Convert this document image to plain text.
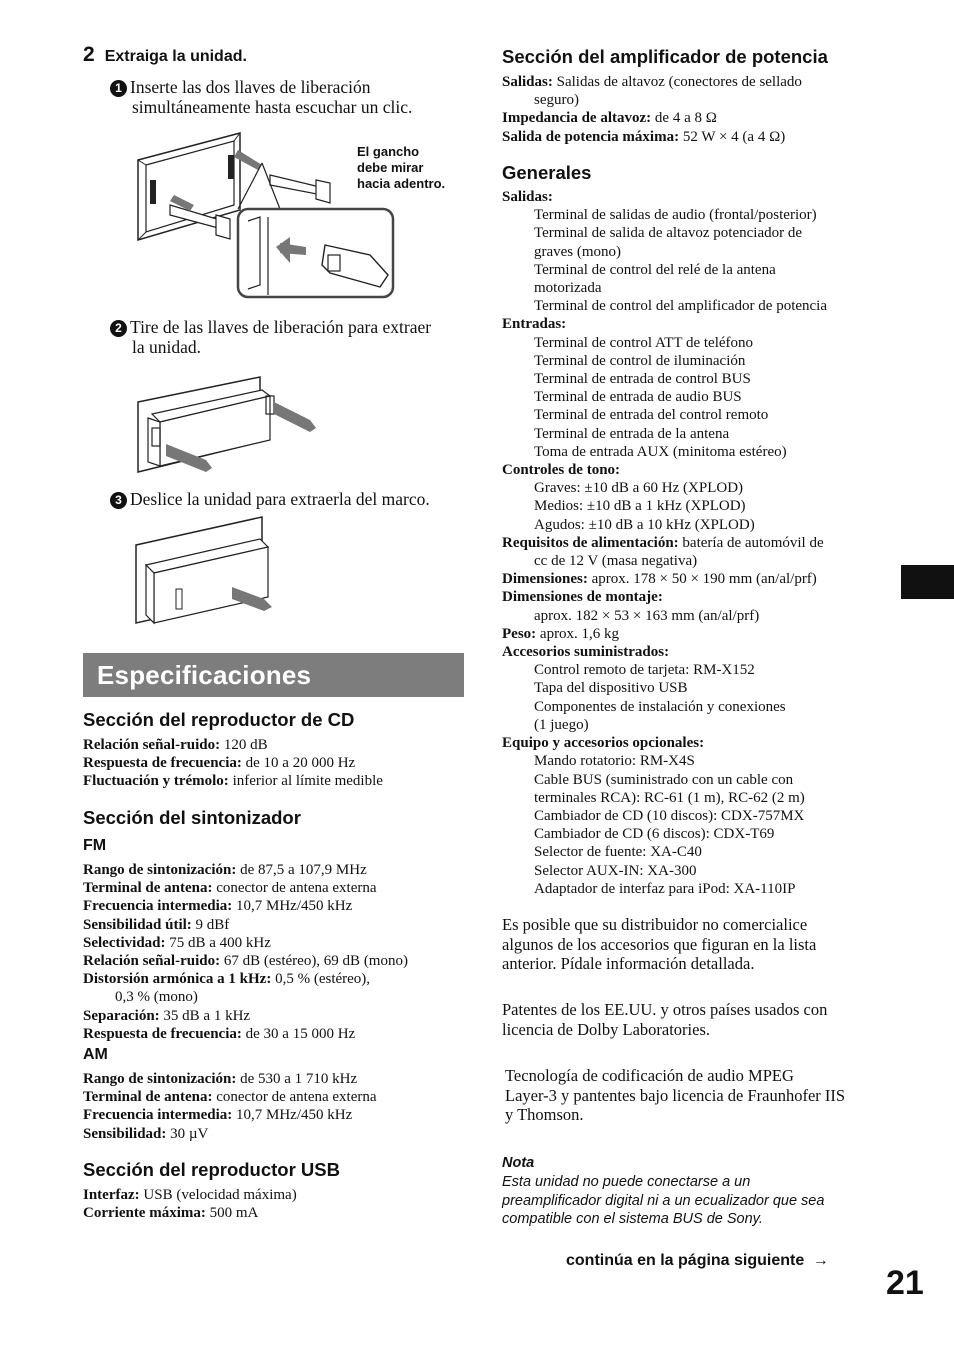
2 Extraiga la unidad.
1 Inserte las dos llaves de liberación
simultáneamente hasta escuchar un clic.
El gancho
debe mirar
hacia adentro.
2 Tire de las llaves de liberación para extraer
la unidad.
3 Deslice la unidad para extraerla del marco.
Especificaciones
Sección del reproductor de CD
Relación señal-ruido: 120 dB
Respuesta de frecuencia: de 10 a 20 000 Hz
Fluctuación y trémolo: inferior al límite medible
Sección del sintonizador
FM
Rango de sintonización: de 87,5 a 107,9 MHz
Terminal de antena: conector de antena externa
Frecuencia intermedia: 10,7 MHz/450 kHz
Sensibilidad útil: 9 dBf
Selectividad: 75 dB a 400 kHz
Relación señal-ruido: 67 dB (estéreo), 69 dB (mono)
Distorsión armónica a 1 kHz: 0,5 % (estéreo),
0,3 % (mono)
Separación: 35 dB a 1 kHz
Respuesta de frecuencia: de 30 a 15 000 Hz
AM
Rango de sintonización: de 530 a 1 710 kHz
Terminal de antena: conector de antena externa
Frecuencia intermedia: 10,7 MHz/450 kHz
Sensibilidad: 30 µV
Sección del reproductor USB
Interfaz: USB (velocidad máxima)
Corriente máxima: 500 mA
Sección del amplificador de potencia
Salidas: Salidas de altavoz (conectores de sellado
seguro)
Impedancia de altavoz: de 4 a 8 Ω
Salida de potencia máxima: 52 W × 4 (a 4 Ω)
Generales
Salidas:
Terminal de salidas de audio (frontal/posterior)
Terminal de salida de altavoz potenciador de
graves (mono)
Terminal de control del relé de la antena
motorizada
Terminal de control del amplificador de potencia
Entradas:
Terminal de control ATT de teléfono
Terminal de control de iluminación
Terminal de entrada de control BUS
Terminal de entrada de audio BUS
Terminal de entrada del control remoto
Terminal de entrada de la antena
Toma de entrada AUX (minitoma estéreo)
Controles de tono:
Graves: ±10 dB a 60 Hz (XPLOD)
Medios: ±10 dB a 1 kHz (XPLOD)
Agudos: ±10 dB a 10 kHz (XPLOD)
Requisitos de alimentación: batería de automóvil de
cc de 12 V (masa negativa)
Dimensiones: aprox. 178 × 50 × 190 mm (an/al/prf)
Dimensiones de montaje:
aprox. 182 × 53 × 163 mm (an/al/prf)
Peso: aprox. 1,6 kg
Accesorios suministrados:
Control remoto de tarjeta: RM-X152
Tapa del dispositivo USB
Componentes de instalación y conexiones
(1 juego)
Equipo y accesorios opcionales:
Mando rotatorio: RM-X4S
Cable BUS (suministrado con un cable con
terminales RCA): RC-61 (1 m), RC-62 (2 m)
Cambiador de CD (10 discos): CDX-757MX
Cambiador de CD (6 discos): CDX-T69
Selector de fuente: XA-C40
Selector AUX-IN: XA-300
Adaptador de interfaz para iPod: XA-110IP
Es posible que su distribuidor no comercialice
algunos de los accesorios que figuran en la lista
anterior. Pídale información detallada.
Patentes de los EE.UU. y otros países usados con
licencia de Dolby Laboratories.
Tecnología de codificación de audio MPEG
Layer-3 y pantentes bajo licencia de Fraunhofer IIS
y Thomson.
Nota
Esta unidad no puede conectarse a un
preamplificador digital ni a un ecualizador que sea
compatible con el sistema BUS de Sony.
continúa en la página siguiente →
21
